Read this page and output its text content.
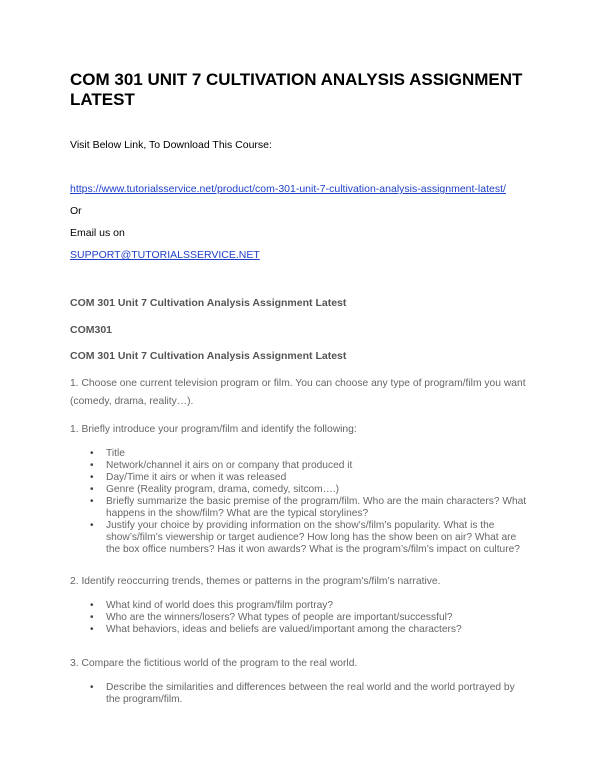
COM 301 UNIT 7 CULTIVATION ANALYSIS ASSIGNMENT LATEST

Visit Below Link, To Download This Course:

https://www.tutorialsservice.net/product/com-301-unit-7-cultivation-analysis-assignment-latest/

Or

Email us on

SUPPORT@TUTORIALSSERVICE.NET

COM 301 Unit 7 Cultivation Analysis Assignment Latest

COM301

COM 301 Unit 7 Cultivation Analysis Assignment Latest

1. Choose one current television program or film. You can choose any type of program/film you want (comedy, drama, reality…).

1. Briefly introduce your program/film and identify the following:

• Title
• Network/channel it airs on or company that produced it
• Day/Time it airs or when it was released
• Genre (Reality program, drama, comedy, sitcom….)
• Briefly summarize the basic premise of the program/film. Who are the main characters? What happens in the show/film? What are the typical storylines?
• Justify your choice by providing information on the show’s/film’s popularity. What is the show’s/film’s viewership or target audience? How long has the show been on air? What are the box office numbers? Has it won awards? What is the program’s/film’s impact on culture?

2. Identify reoccurring trends, themes or patterns in the program’s/film’s narrative.

• What kind of world does this program/film portray?
• Who are the winners/losers? What types of people are important/successful?
• What behaviors, ideas and beliefs are valued/important among the characters?

3. Compare the fictitious world of the program to the real world.

• Describe the similarities and differences between the real world and the world portrayed by the program/film.
